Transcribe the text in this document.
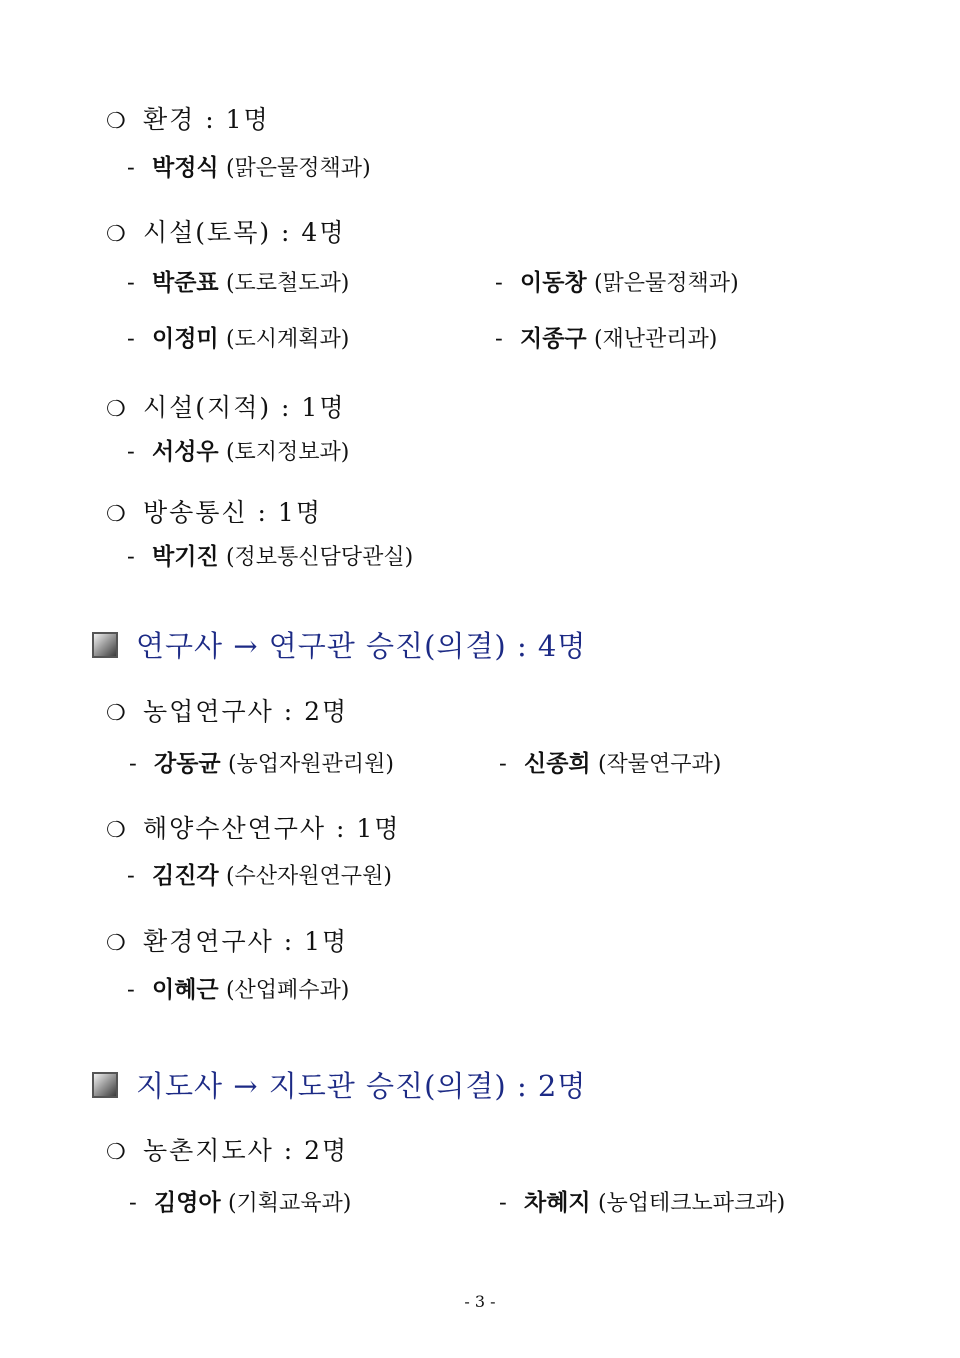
❍ 환경 : 1명
- 박정식 (맑은물정책과)
❍ 시설(토목) : 4명
- 박준표 (도로철도과)	- 이동창 (맑은물정책과)
- 이정미 (도시계획과)	- 지종구 (재난관리과)
❍ 시설(지적) : 1명
- 서성우 (토지정보과)
❍ 방송통신 : 1명
- 박기진 (정보통신담당관실)
연구사 → 연구관 승진(의결) : 4명
❍ 농업연구사 : 2명
- 강동균 (농업자원관리원)	- 신종희 (작물연구과)
❍ 해양수산연구사 : 1명
- 김진각 (수산자원연구원)
❍ 환경연구사 : 1명
- 이혜근 (산업폐수과)
지도사 → 지도관 승진(의결) : 2명
❍ 농촌지도사 : 2명
- 김영아 (기획교육과)	- 차혜지 (농업테크노파크과)
- 3 -
